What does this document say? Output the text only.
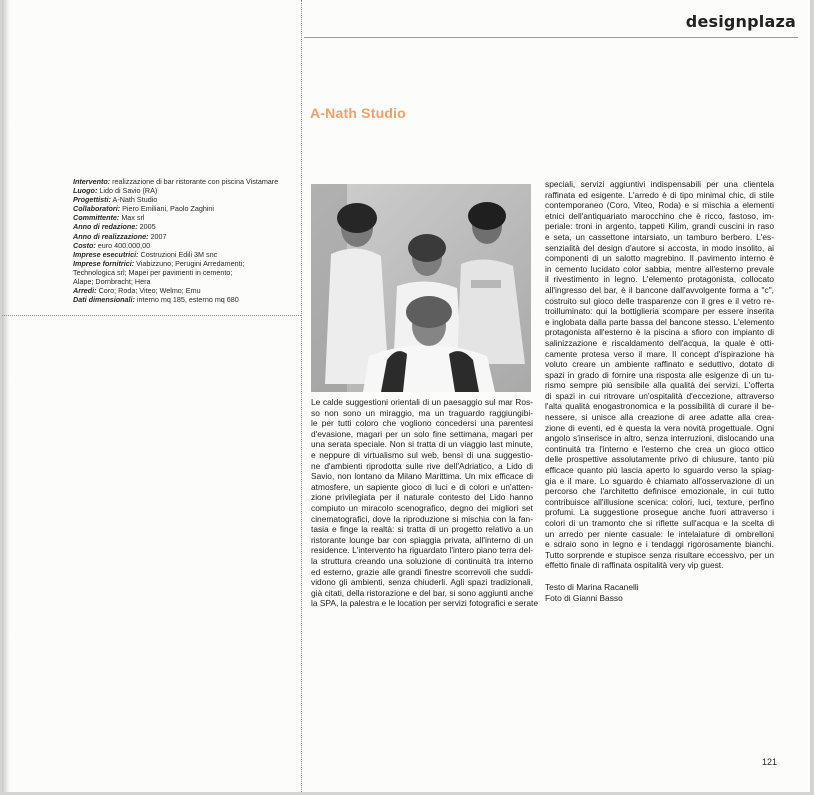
designplaza
A-Nath Studio
Intervento: realizzazione di bar ristorante con piscina Vistamare
Luogo: Lido di Savio (RA)
Progettisti: A-Nath Studio
Collaboratori: Piero Emiliani, Paolo Zaghini
Committente: Max srl
Anno di redazione: 2005
Anno di realizzazione: 2007
Costo: euro 400.000,00
Imprese esecutrici: Costruzioni Edili 3M snc
Imprese fornitrici: Viabizzuno; Perugini Arredamenti;
Technologica srl; Mapei per pavimenti in cemento;
Alape; Dornbracht; Hera
Arredi: Coro; Roda; Viteo; Welmo; Emu
Dati dimensionali: interno mq 185, esterno mq 680

Le calde suggestioni orientali di un paesaggio sul mar Ros-
so non sono un miraggio, ma un traguardo raggiungibi-
le per tutti coloro che vogliono concedersi una parentesi
d'evasione, magari per un solo fine settimana, magari per
una serata speciale. Non si tratta di un viaggio last minute,
e neppure di virtualismo sul web, bensì di una suggestio-
ne d'ambienti riprodotta sulle rive dell'Adriatico, a Lido di
Savio, non lontano da Milano Marittima. Un mix efficace di
atmosfere, un sapiente gioco di luci e di colori e un'atten-
zione privilegiata per il naturale contesto del Lido hanno
compiuto un miracolo scenografico, degno dei migliori set
cinematografici, dove la riproduzione si mischia con la fan-
tasia e finge la realtà: si tratta di un progetto relativo a un
ristorante lounge bar con spiaggia privata, all'interno di un
residence. L'intervento ha riguardato l'intero piano terra del-
la struttura creando una soluzione di continuità tra interno
ed esterno, grazie alle grandi finestre scorrevoli che suddi-
vidono gli ambienti, senza chiuderli. Agli spazi tradizionali,
già citati, della ristorazione e del bar, si sono aggiunti anche
la SPA, la palestra e le location per servizi fotografici e serate

speciali, servizi aggiuntivi indispensabili per una clientela
raffinata ed esigente. L'arredo è di tipo minimal chic, di stile
contemporaneo (Coro, Viteo, Roda) e si mischia a elementi
etnici dell'antiquariato marocchino che è ricco, fastoso, im-
periale: troni in argento, tappeti Kilim, grandi cuscini in raso
e seta, un cassettone intarsiato, un tamburo berbero. L'es-
senzialità del design d'autore si accosta, in modo insolito, ai
componenti di un salotto magrebino. Il pavimento interno è
in cemento lucidato color sabbia, mentre all'esterno prevale
il rivestimento in legno. L'elemento protagonista, collocato
all'ingresso del bar, è il bancone dall'avvolgente forma a "c",
costruito sul gioco delle trasparenze con il gres e il vetro re-
troilluminato: qui la bottiglieria scompare per essere inserita
e inglobata dalla parte bassa del bancone stesso. L'elemento
protagonista all'esterno è la piscina a sfioro con impianto di
salinizzazione e riscaldamento dell'acqua, la quale è otti-
camente protesa verso il mare. Il concept d'ispirazione ha
voluto creare un ambiente raffinato e seduttivo, dotato di
spazi in grado di fornire una risposta alle esigenze di un tu-
rismo sempre più sensibile alla qualità dei servizi. L'offerta
di spazi in cui ritrovare un'ospitalità d'eccezione, attraverso
l'alta qualità enogastronomica e la possibilità di curare il be-
nessere, si unisce alla creazione di aree adatte alla crea-
zione di eventi, ed è questa la vera novità progettuale. Ogni
angolo s'inserisce in altro, senza interruzioni, dislocando una
continuità tra l'interno e l'esterno che crea un gioco ottico
delle prospettive assolutamente privo di chiusure, tanto più
efficace quanto più lascia aperto lo sguardo verso la spiag-
gia e il mare. Lo sguardo è chiamato all'osservazione di un
percorso che l'architetto definisce emozionale, in cui tutto
contribuisce all'illusione scenica: colori, luci, texture, perfino
profumi. La suggestione prosegue anche fuori attraverso i
colori di un tramonto che si riflette sull'acqua e la scelta di
un arredo per niente casuale: le intelaiature di ombrelloni
e sdraio sono in legno e i tendaggi rigorosamente bianchi.
Tutto sorprende e stupisce senza risultare eccessivo, per un
effetto finale di raffinata ospitalità very vip guest.

Testo di Marina Racanelli
Foto di Gianni Basso
121
